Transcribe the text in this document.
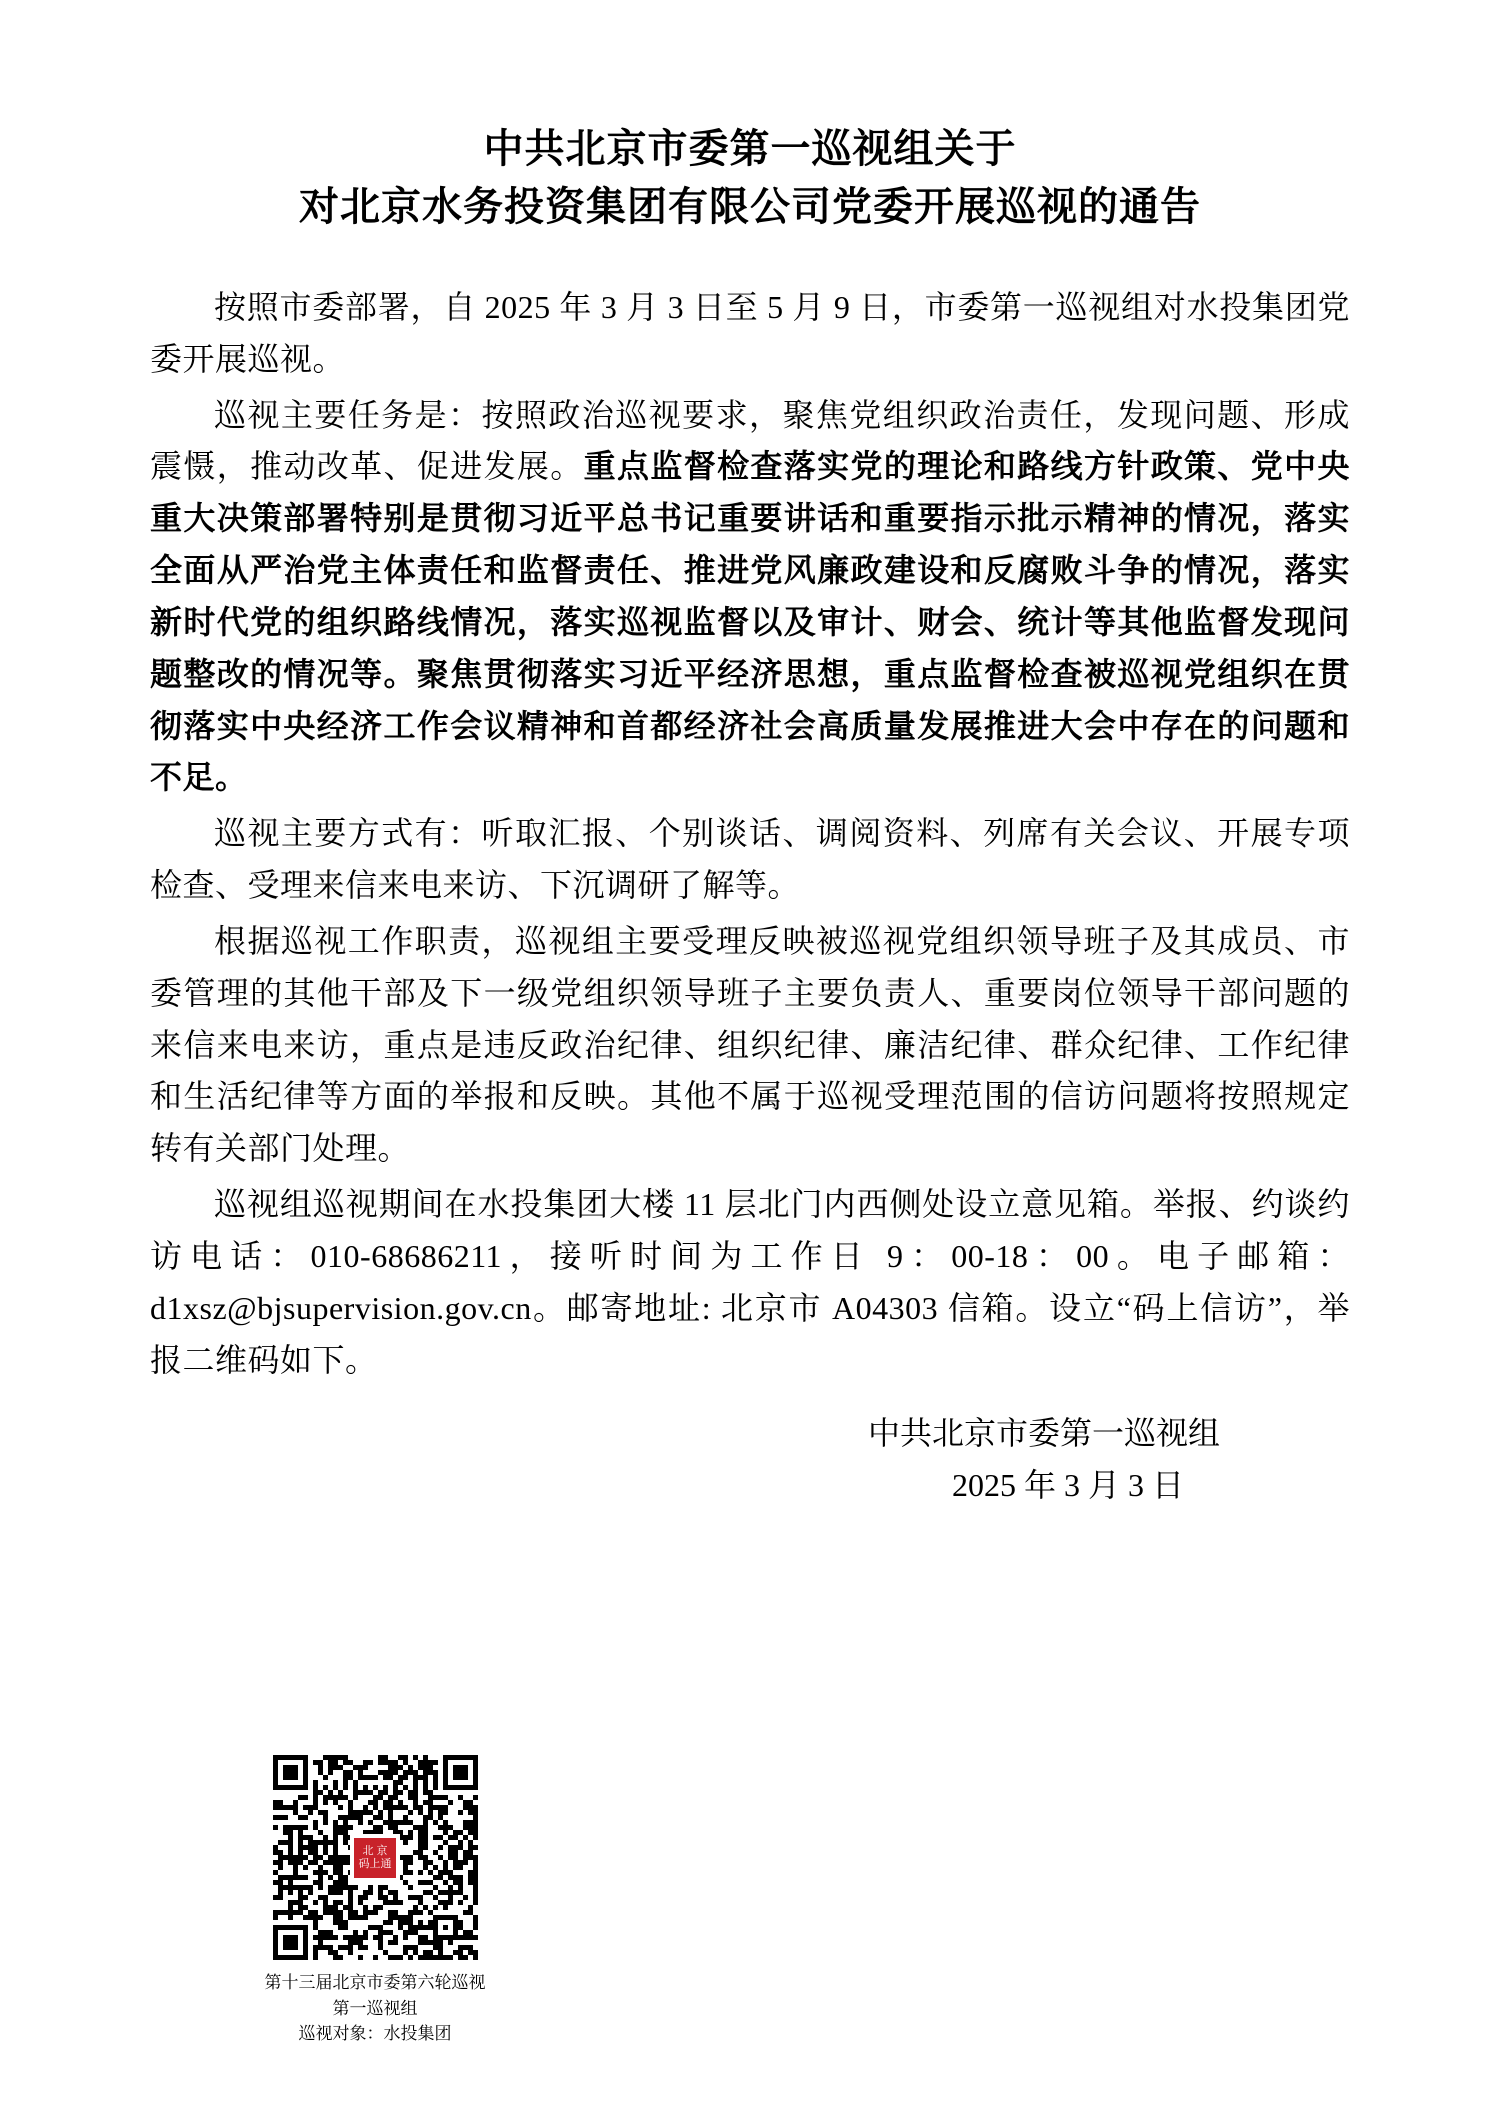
中共北京市委第一巡视组关于
对北京水务投资集团有限公司党委开展巡视的通告

按照市委部署，自 2025 年 3 月 3 日至 5 月 9 日，市委第一巡视组对水投集团党委开展巡视。

巡视主要任务是：按照政治巡视要求，聚焦党组织政治责任，发现问题、形成震慑，推动改革、促进发展。重点监督检查落实党的理论和路线方针政策、党中央重大决策部署特别是贯彻习近平总书记重要讲话和重要指示批示精神的情况，落实全面从严治党主体责任和监督责任、推进党风廉政建设和反腐败斗争的情况，落实新时代党的组织路线情况，落实巡视监督以及审计、财会、统计等其他监督发现问题整改的情况等。聚焦贯彻落实习近平经济思想，重点监督检查被巡视党组织在贯彻落实中央经济工作会议精神和首都经济社会高质量发展推进大会中存在的问题和不足。

巡视主要方式有：听取汇报、个别谈话、调阅资料、列席有关会议、开展专项检查、受理来信来电来访、下沉调研了解等。

根据巡视工作职责，巡视组主要受理反映被巡视党组织领导班子及其成员、市委管理的其他干部及下一级党组织领导班子主要负责人、重要岗位领导干部问题的来信来电来访，重点是违反政治纪律、组织纪律、廉洁纪律、群众纪律、工作纪律和生活纪律等方面的举报和反映。其他不属于巡视受理范围的信访问题将按照规定转有关部门处理。

巡视组巡视期间在水投集团大楼 11 层北门内西侧处设立意见箱。举报、约谈约访电话：010-68686211，接听时间为工作日 9：00-18：00。电子邮箱：d1xsz@bjsupervision.gov.cn。邮寄地址: 北京市 A04303 信箱。设立“码上信访”，举报二维码如下。

中共北京市委第一巡视组
2025 年 3 月 3 日
北 京
码上通
第十三届北京市委第六轮巡视
第一巡视组
巡视对象：水投集团
